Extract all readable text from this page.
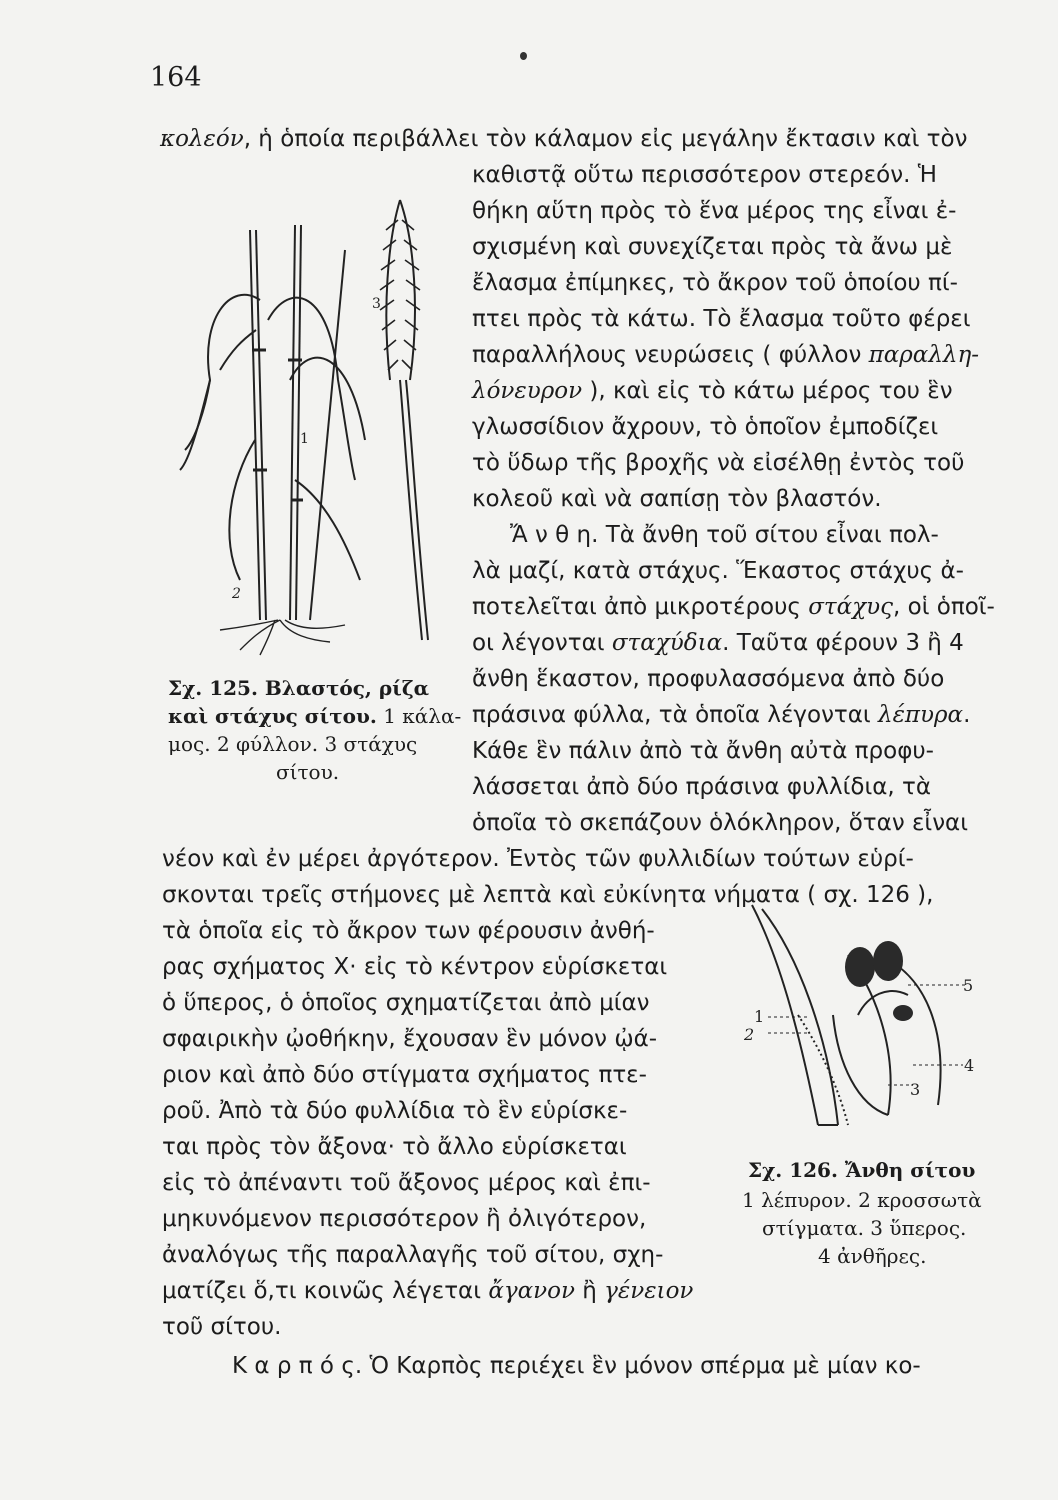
164
κολεόν, ἡ ὁποία περιβάλλει τὸν κάλαμον εἰς μεγάλην ἔκτασιν καὶ τὸν
καθιστᾷ οὕτω περισσότερον στερεόν. Ἡ
θήκη αὕτη πρὸς τὸ ἕνα μέρος της εἶναι ἐ-
σχισμένη καὶ συνεχίζεται πρὸς τὰ ἄνω μὲ
ἔλασμα ἐπίμηκες, τὸ ἄκρον τοῦ ὁποίου πί-
πτει πρὸς τὰ κάτω. Τὸ ἔλασμα τοῦτο φέρει
παραλλήλους νευρώσεις ( φύλλον παραλλη-
λόνευρον ), καὶ εἰς τὸ κάτω μέρος του ἓν
γλωσσίδιον ἄχρουν, τὸ ὁποῖον ἐμποδίζει
τὸ ὕδωρ τῆς βροχῆς νὰ εἰσέλθῃ ἐντὸς τοῦ
κολεοῦ καὶ νὰ σαπίσῃ τὸν βλαστόν.
Ἄ ν θ η. Τὰ ἄνθη τοῦ σίτου εἶναι πολ-
λὰ μαζί, κατὰ στάχυς. Ἕκαστος στάχυς ἀ-
ποτελεῖται ἀπὸ μικροτέρους στάχυς, οἱ ὁποῖ-
οι λέγονται σταχύδια. Ταῦτα φέρουν 3 ἢ 4
ἄνθη ἕκαστον, προφυλασσόμενα ἀπὸ δύο
πράσινα φύλλα, τὰ ὁποῖα λέγονται λέπυρα.
Κάθε ἓν πάλιν ἀπὸ τὰ ἄνθη αὐτὰ προφυ-
λάσσεται ἀπὸ δύο πράσινα φυλλίδια, τὰ
ὁποῖα τὸ σκεπάζουν ὁλόκληρον, ὅταν εἶναι
νέον καὶ ἐν μέρει ἀργότερον. Ἐντὸς τῶν φυλλιδίων τούτων εὑρί-
σκονται τρεῖς στήμονες μὲ λεπτὰ καὶ εὐκίνητα νήματα ( σχ. 126 ),
τὰ ὁποῖα εἰς τὸ ἄκρον των φέρουσιν ἀνθή-
ρας σχήματος Χ· εἰς τὸ κέντρον εὑρίσκεται
ὁ ὕπερος, ὁ ὁποῖος σχηματίζεται ἀπὸ μίαν
σφαιρικὴν ᾠοθήκην, ἔχουσαν ἓν μόνον ᾠά-
ριον καὶ ἀπὸ δύο στίγματα σχήματος πτε-
ροῦ. Ἀπὸ τὰ δύο φυλλίδια τὸ ἓν εὑρίσκε-
ται πρὸς τὸν ἄξονα· τὸ ἄλλο εὑρίσκεται
εἰς τὸ ἀπέναντι τοῦ ἄξονος μέρος καὶ ἐπι-
μηκυνόμενον περισσότερον ἢ ὀλιγότερον,
ἀναλόγως τῆς παραλλαγῆς τοῦ σίτου, σχη-
ματίζει ὅ,τι κοινῶς λέγεται ἄγανον ἢ γένειον
τοῦ σίτου.
Κ α ρ π ό ς. Ὁ Καρπὸς περιέχει ἓν μόνον σπέρμα μὲ μίαν κο-
3
1
2
Σχ. 125. Βλαστός, ρίζα
καὶ στάχυς σίτου. 1 κάλα-
μος. 2 φύλλον. 3 στάχυς
σίτου.
5
1
2
4
3
Σχ. 126. Ἄνθη σίτου
1 λέπυρον. 2 κροσσωτὰ
στίγματα. 3 ὕπερος.
4 ἀνθῆρες.
